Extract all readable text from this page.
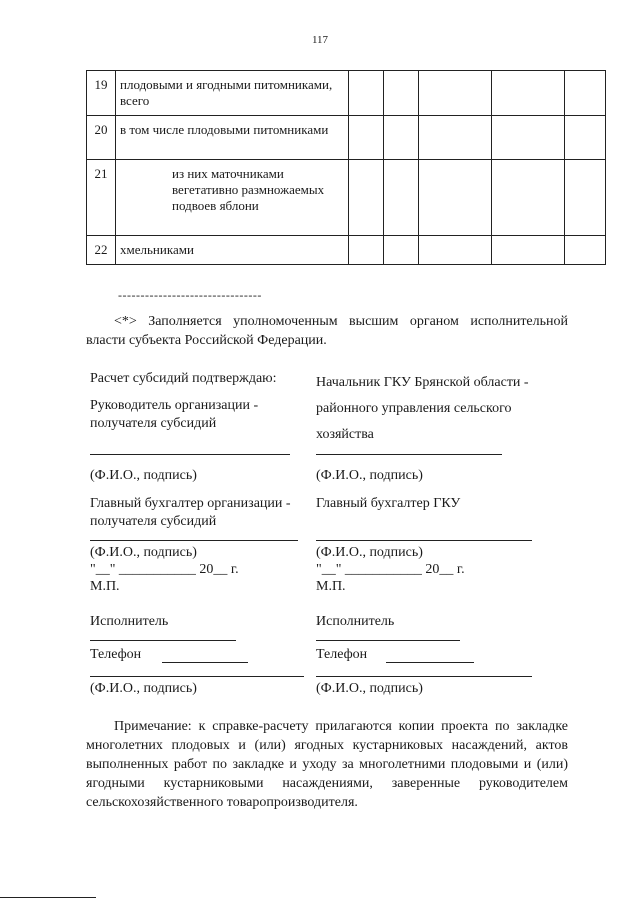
117
19	плодовыми и ягодными питомниками, всего					
20	в том числе плодовыми питомниками					
21	из них маточниками вегетативно размножаемых подвоев яблони					
22	хмельниками					
--------------------------------
<*> Заполняется уполномоченным высшим органом исполнительной власти субъекта Российской Федерации.
Расчет субсидий подтверждаю:
Руководитель организации - получателя субсидий
(Ф.И.О., подпись)
Главный бухгалтер организации - получателя субсидий
(Ф.И.О., подпись)
"__" ___________ 20__ г.
М.П.
Исполнитель
Телефон
(Ф.И.О., подпись)
Начальник ГКУ Брянской области - районного управления сельского хозяйства
(Ф.И.О., подпись)
Главный бухгалтер ГКУ
(Ф.И.О., подпись)
"__" ___________ 20__ г.
М.П.
Исполнитель
Телефон
(Ф.И.О., подпись)
Примечание: к справке-расчету прилагаются копии проекта по закладке многолетних плодовых и (или) ягодных кустарниковых насаждений, актов выполненных работ по закладке и уходу за многолетними плодовыми и (или) ягодными кустарниковыми насаждениями, заверенные руководителем сельскохозяйственного товаропроизводителя.
